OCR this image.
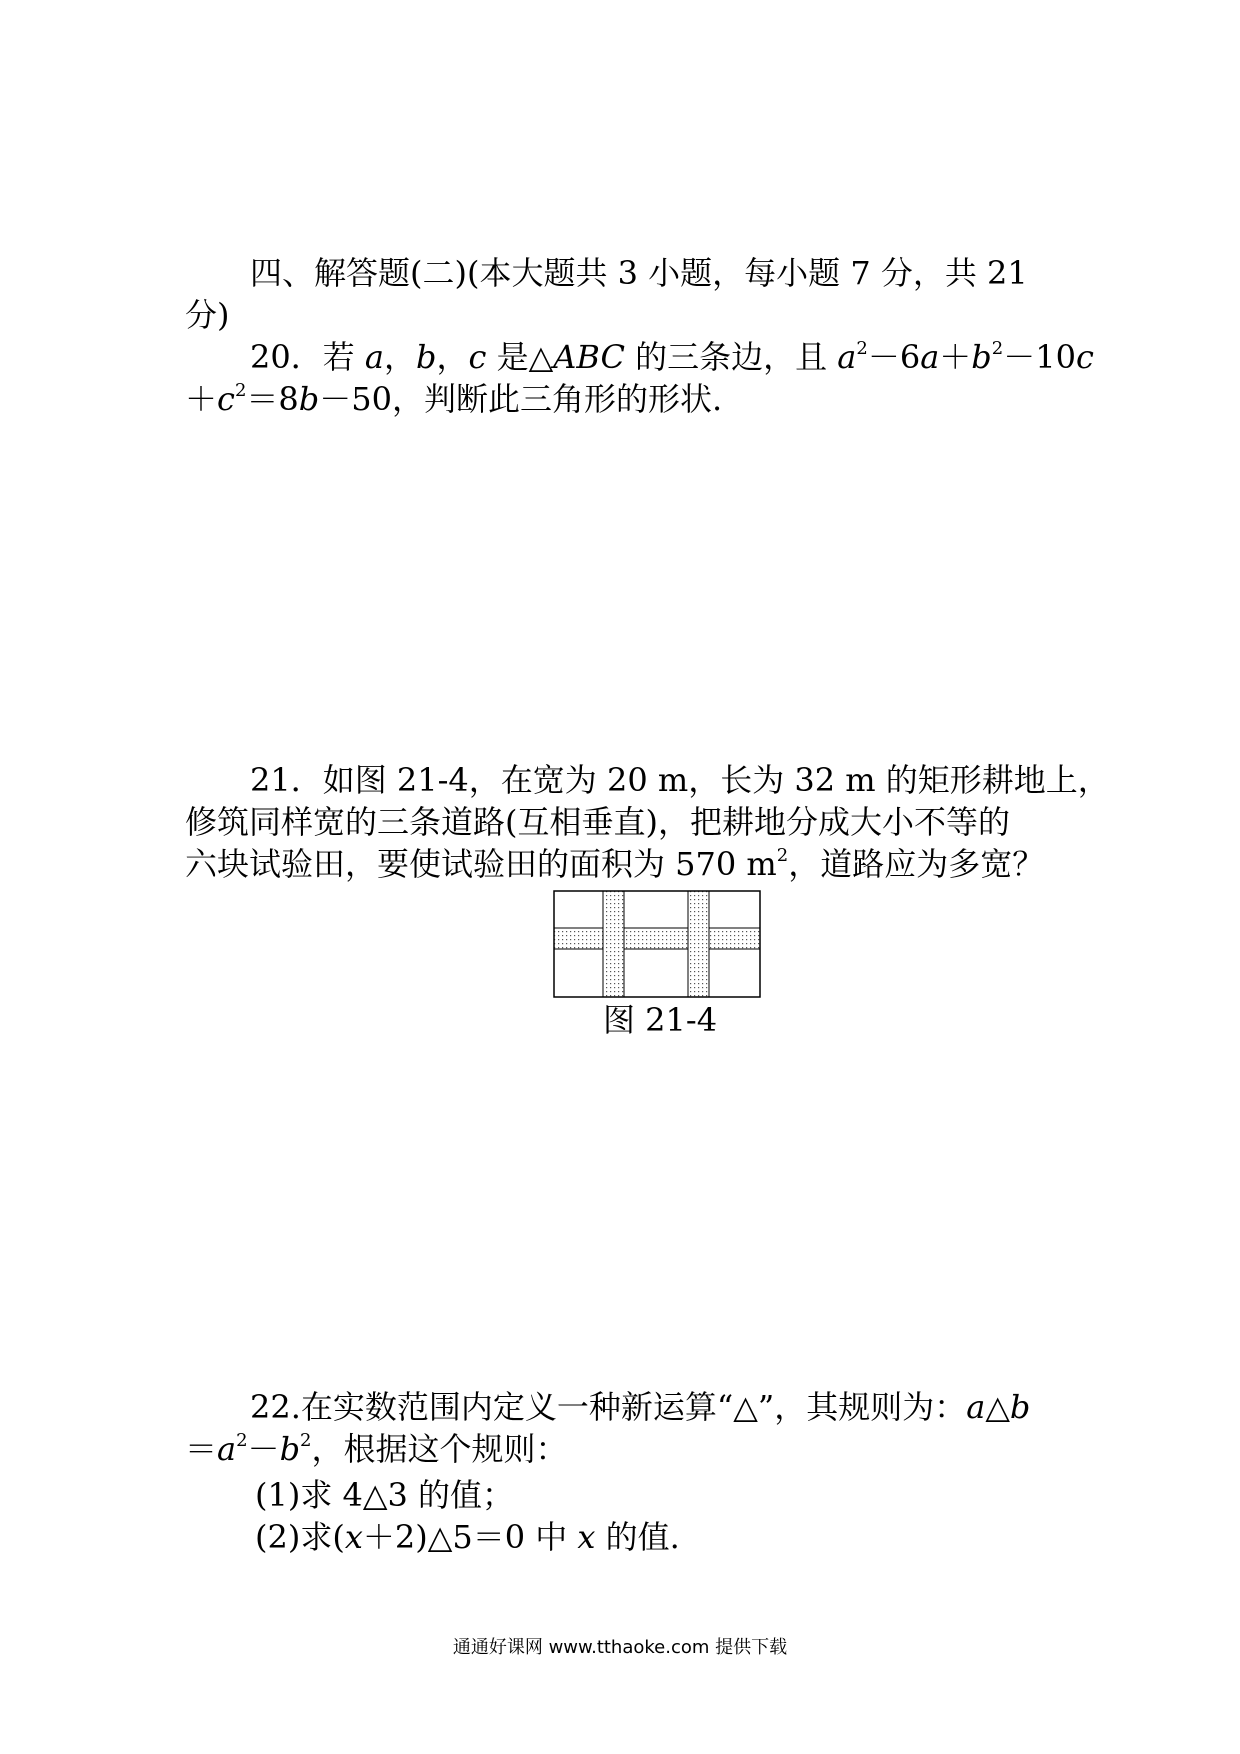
四、解答题(二)(本大题共 3 小题，每小题 7 分，共 21
分)
20．若 a，b，c 是△ABC 的三条边，且 $a^2-6a+b^2-10c$
$+c^2=8b-50$，判断此三角形的形状.
21．如图 21-4，在宽为 20 m，长为 32 m 的矩形耕地上，
修筑同样宽的三条道路(互相垂直)，把耕地分成大小不等的
六块试验田，要使试验田的面积为 570 $m^2$，道路应为多宽？
图 21-4
22.在实数范围内定义一种新运算“△”，其规则为：a△b
$=a^2-b^2$，根据这个规则：
(1)求 4△3 的值；
(2)求(x＋2)△5＝0 中 x 的值.
通通好课网 www.tthaoke.com 提供下载
